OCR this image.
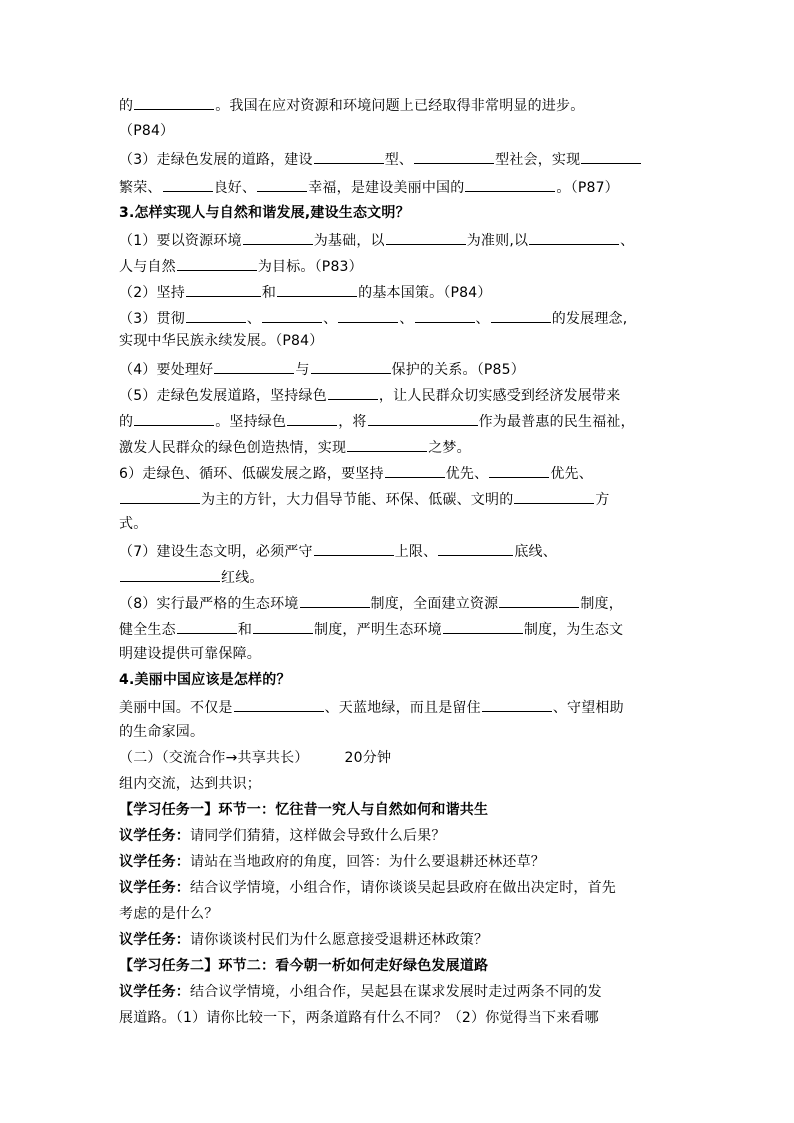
的	。我国在应对资源和环境问题上已经取得非常明显的进步。
（P84）
（3）走绿色发展的道路，建设	型、	型社会，实现
繁荣、	良好、	幸福，是建设美丽中国的	。（P87）
3.怎样实现人与自然和谐发展,建设生态文明？
（1）要以资源环境	为基础，以	为准则,以	、
人与自然	为目标。（P83）
（2）坚持	和	的基本国策。（P84）
（3）贯彻	、	、	、	、	的发展理念,
实现中华民族永续发展。（P84）
（4）要处理好	与	保护的关系。（P85）
（5）走绿色发展道路，坚持绿色	，让人民群众切实感受到经济发展带来
的	。坚持绿色	，将	作为最普惠的民生福祉，
激发人民群众的绿色创造热情，实现	之梦。
6）走绿色、循环、低碳发展之路，要坚持	优先、	优先、
为主的方针，大力倡导节能、环保、低碳、文明的	方
式。
（7）建设生态文明，必须严守	上限、	底线、
红线。
（8）实行最严格的生态环境	制度，全面建立资源	制度，
健全生态	和	制度，严明生态环境	制度，为生态文
明建设提供可靠保障。
4.美丽中国应该是怎样的？
美丽中国。不仅是	、天蓝地绿，而且是留住	、守望相助
的生命家园。
（二）（交流合作→共享共长）	20分钟
组内交流，达到共识；
【学习任务一】环节一：忆往昔一究人与自然如何和谐共生
议学任务：请同学们猜猜，这样做会导致什么后果？
议学任务：请站在当地政府的角度，回答：为什么要退耕还林还草？
议学任务：结合议学情境，小组合作，请你谈谈吴起县政府在做出决定时，首先
考虑的是什么？
议学任务：请你谈谈村民们为什么愿意接受退耕还林政策？
【学习任务二】环节二：看今朝一析如何走好绿色发展道路
议学任务：结合议学情境，小组合作，吴起县在谋求发展时走过两条不同的发
展道路。（1）请你比较一下，两条道路有什么不同？（2）你觉得当下来看哪
